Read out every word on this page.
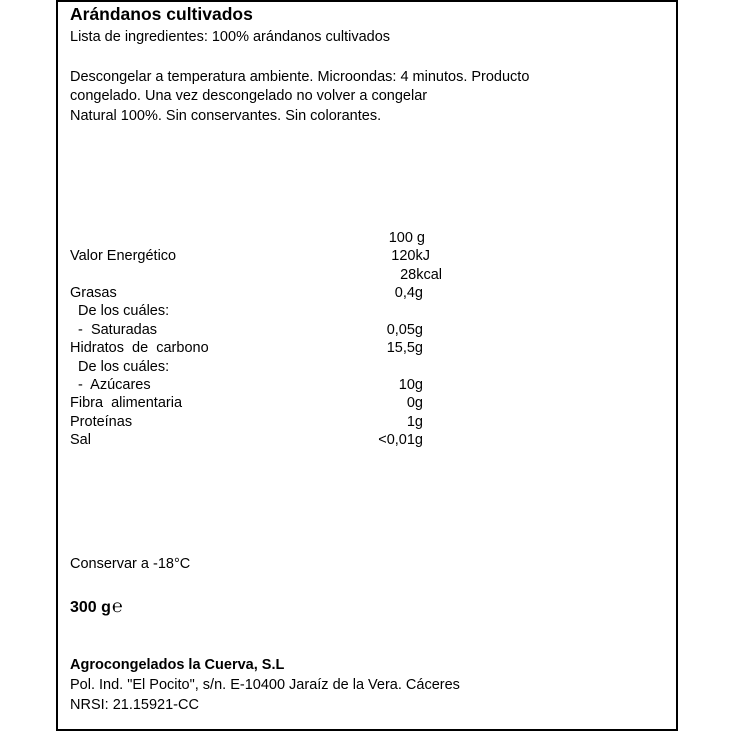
Arándanos cultivados

Lista de ingredientes: 100% arándanos cultivados

Descongelar a temperatura ambiente. Microondas: 4 minutos. Producto

congelado. Una vez descongelado no volver a congelar

Natural 100%. Sin conservantes. Sin colorantes.

100 g

Valor Energético	120kJ

28kcal

Grasas	0,4g

De los cuáles:

-  Saturadas	0,05g

Hidratos  de  carbono	15,5g

De los cuáles:

-  Azúcares	10g

Fibra  alimentaria	0g

Proteínas	1g

Sal	<0,01g

Conservar a -18°C

300 g℮

Agrocongelados la Cuerva, S.L

Pol. Ind. "El Pocito", s/n. E-10400 Jaraíz de la Vera. Cáceres

NRSI: 21.15921-CC
